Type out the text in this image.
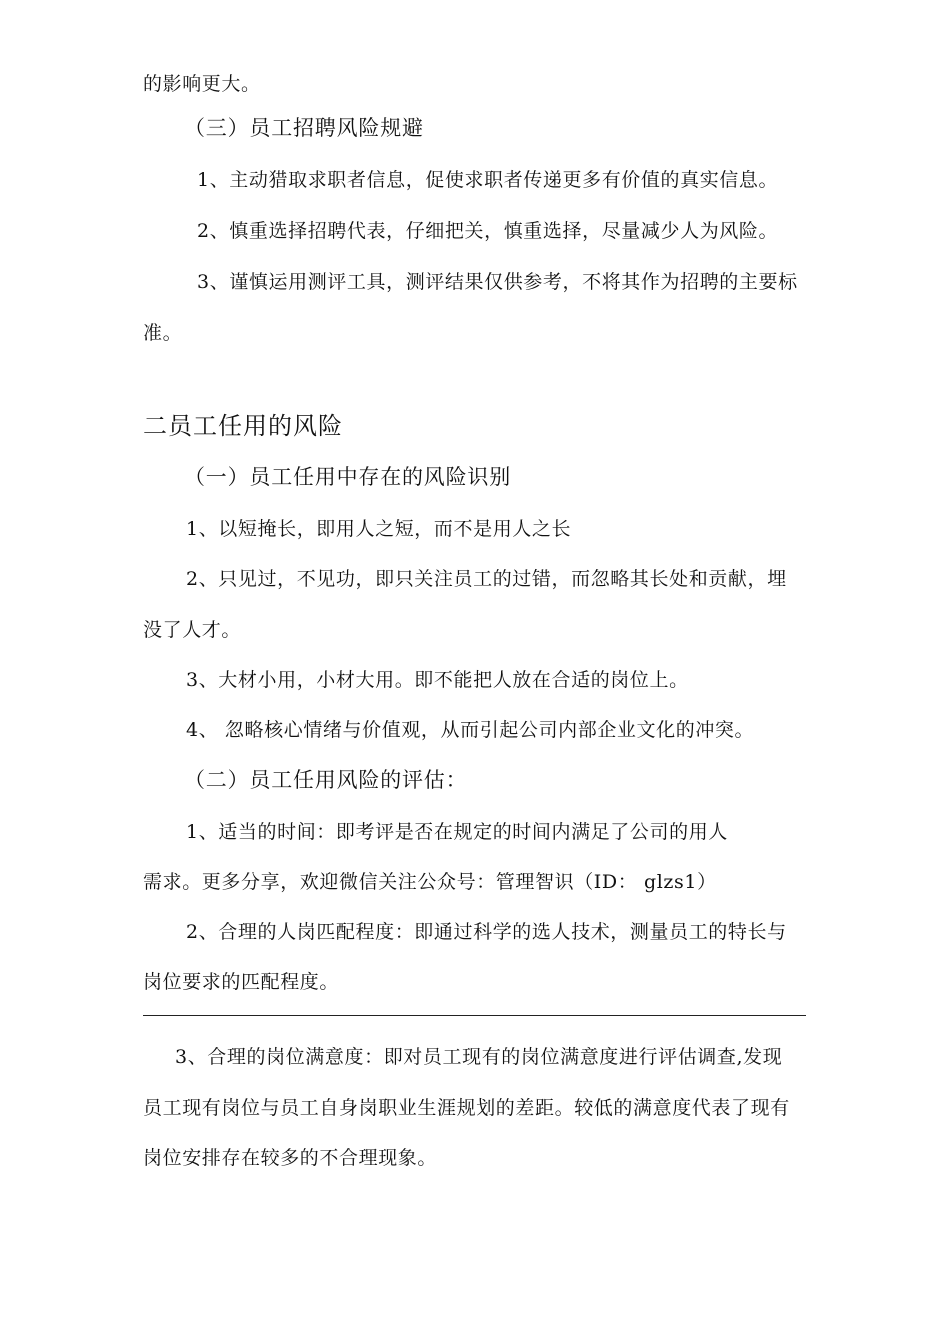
的影响更大。
（三）员工招聘风险规避
1、主动猎取求职者信息，促使求职者传递更多有价值的真实信息。
2、慎重选择招聘代表，仔细把关，慎重选择，尽量减少人为风险。
3、谨慎运用测评工具，测评结果仅供参考，不将其作为招聘的主要标
准。
二员工任用的风险
（一）员工任用中存在的风险识别
1、以短掩长，即用人之短，而不是用人之长
2、只见过，不见功，即只关注员工的过错，而忽略其长处和贡献，埋
没了人才。
3、大材小用，小材大用。即不能把人放在合适的岗位上。
4、 忽略核心情绪与价值观，从而引起公司内部企业文化的冲突。
（二）员工任用风险的评估：
1、适当的时间：即考评是否在规定的时间内满足了公司的用人
需求。更多分享，欢迎微信关注公众号：管理智识（ID： glzs1）
2、合理的人岗匹配程度：即通过科学的选人技术，测量员工的特长与
岗位要求的匹配程度。
3、合理的岗位满意度：即对员工现有的岗位满意度进行评估调查,发现
员工现有岗位与员工自身岗职业生涯规划的差距。较低的满意度代表了现有
岗位安排存在较多的不合理现象。
